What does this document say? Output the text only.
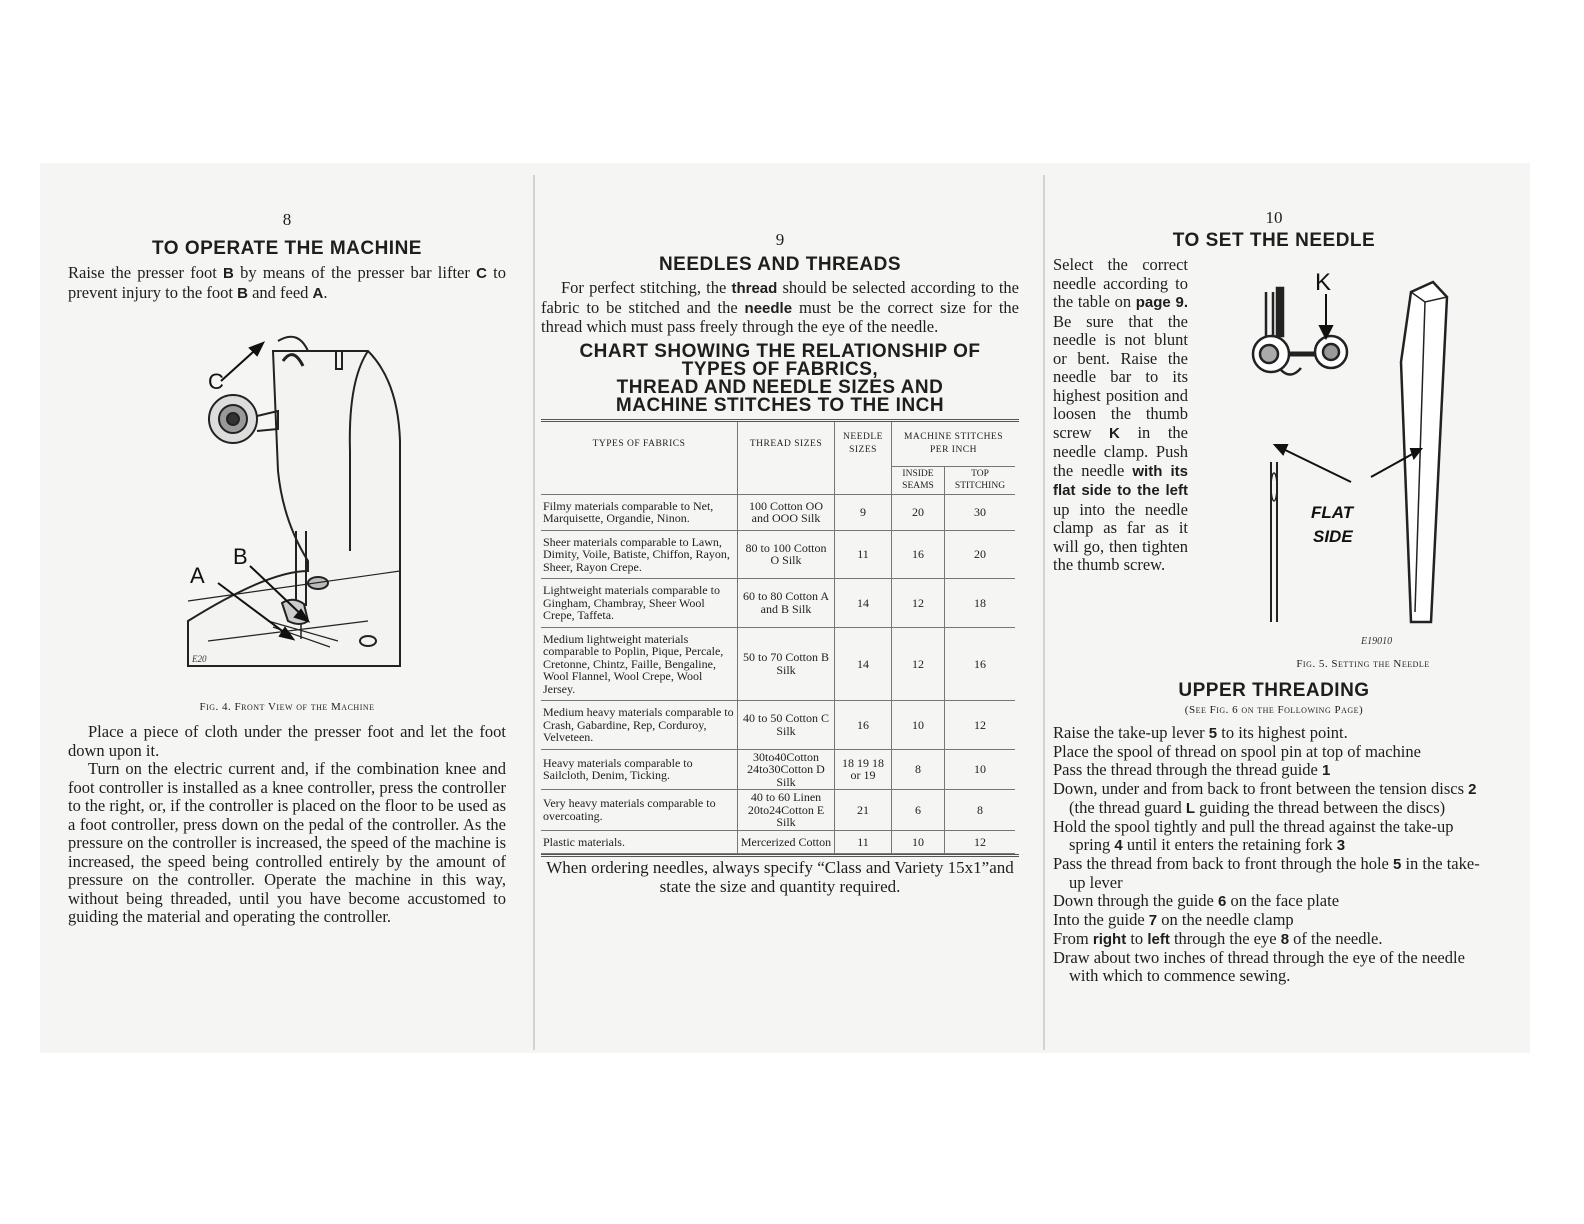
8

TO OPERATE THE MACHINE

Raise the presser foot B by means of the presser bar lifter C to prevent injury to the foot B and feed A.

C
B
A
E20

Fig. 4. Front View of the Machine

Place a piece of cloth under the presser foot and let the foot down upon it.

Turn on the electric current and, if the combination knee and foot controller is installed as a knee controller, press the controller to the right, or, if the controller is placed on the floor to be used as a foot controller, press down on the pedal of the controller. As the pressure on the controller is increased, the speed of the machine is increased, the speed being controlled entirely by the amount of pressure on the controller. Operate the machine in this way, without being threaded, until you have become accustomed to guiding the material and operating the controller.

9

NEEDLES AND THREADS

For perfect stitching, the thread should be selected according to the fabric to be stitched and the needle must be the correct size for the thread which must pass freely through the eye of the needle.

CHART SHOWING THE RELATIONSHIP OF

TYPES OF FABRICS,

THREAD AND NEEDLE SIZES AND

MACHINE STITCHES TO THE INCH

TYPES OF FABRICS	THREAD SIZES	NEEDLE SIZES	MACHINE STITCHES PER INCH	
			INSIDE SEAMS	TOP STITCHING
Filmy materials comparable to Net, Marquisette, Organdie, Ninon.	100 Cotton OO and OOO Silk	9	20	30
Sheer materials comparable to Lawn, Dimity, Voile, Batiste, Chiffon, Rayon, Sheer, Rayon Crepe.	80 to 100 Cotton O Silk	11	16	20
Lightweight materials comparable to Gingham, Chambray, Sheer Wool Crepe, Taffeta.	60 to 80 Cotton A and B Silk	14	12	18
Medium lightweight materials comparable to Poplin, Pique, Percale, Cretonne, Chintz, Faille, Bengaline, Wool Flannel, Wool Crepe, Wool Jersey.	50 to 70 Cotton B Silk	14	12	16
Medium heavy materials comparable to Crash, Gabardine, Rep, Corduroy, Velveteen.	40 to 50 Cotton C Silk	16	10	12
Heavy materials comparable to Sailcloth, Denim, Ticking.	30to40Cotton 24to30Cotton D Silk	18 19 18 or 19	8	10
Very heavy materials comparable to overcoating.	40 to 60 Linen 20to24Cotton E Silk	21	6	8
Plastic materials.	Mercerized Cotton	11	10	12

When ordering needles, always specify “Class and Variety 15x1”and state the size and quantity required.

10

TO SET THE NEEDLE

Select the correct needle according to the table on page 9. Be sure that the needle is not blunt or bent. Raise the needle bar to its highest position and loosen the thumb screw K in the needle clamp. Push the needle with its flat side to the left up into the needle clamp as far as it will go, then tighten the thumb screw.

K
FLAT
SIDE
E19010

Fig. 5. Setting the Needle

UPPER THREADING

(See Fig. 6 on the Following Page)

Raise the take-up lever 5 to its highest point.

Place the spool of thread on spool pin at top of machine

Pass the thread through the thread guide 1

Down, under and from back to front between the tension discs 2 (the thread guard L guiding the thread between the discs)

Hold the spool tightly and pull the thread against the take-up spring 4 until it enters the retaining fork 3

Pass the thread from back to front through the hole 5 in the take-up lever

Down through the guide 6 on the face plate

Into the guide 7 on the needle clamp

From right to left through the eye 8 of the needle.

Draw about two inches of thread through the eye of the needle with which to commence sewing.
